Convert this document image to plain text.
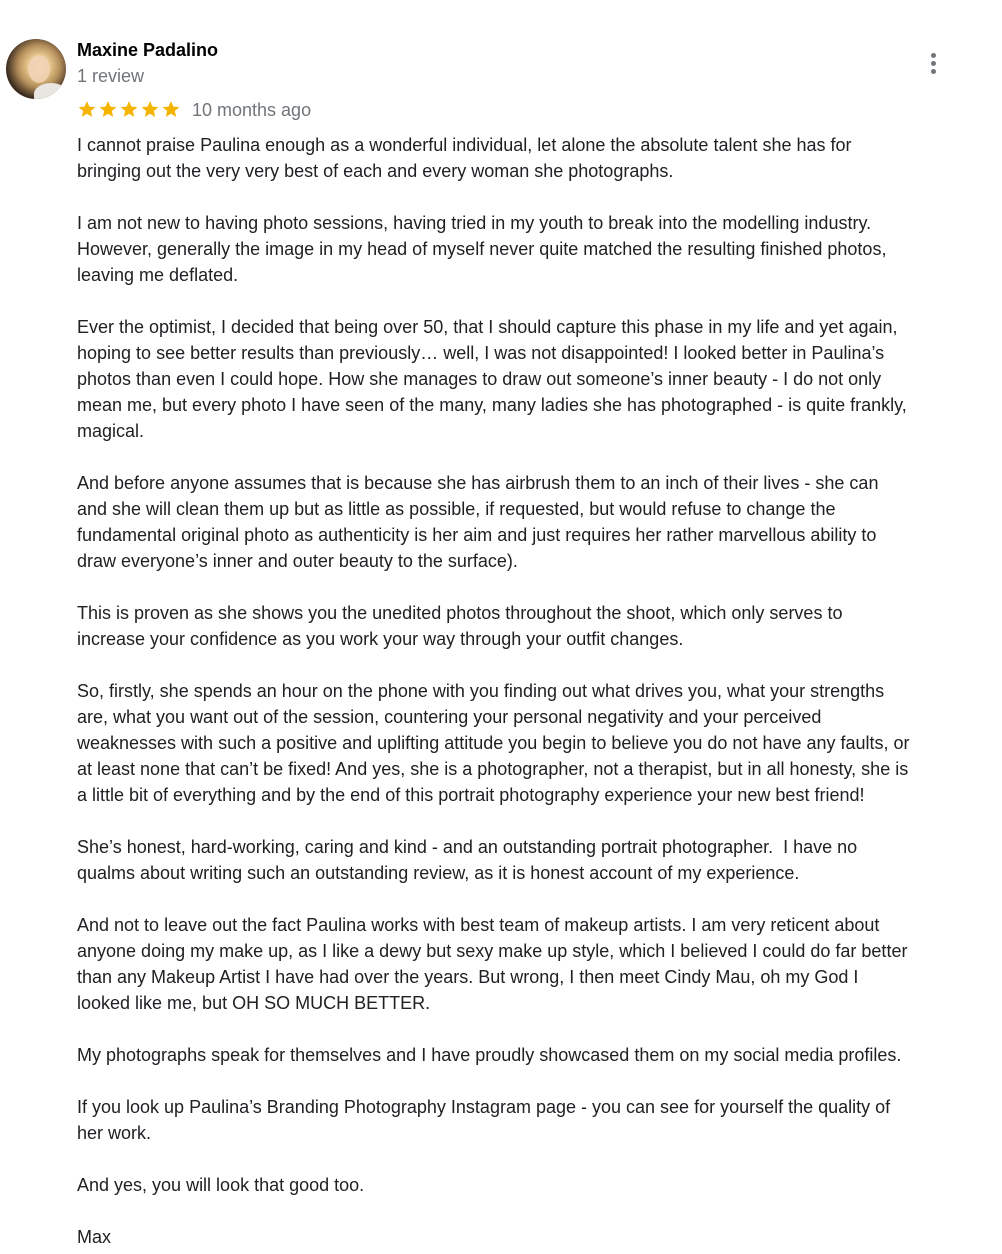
Maxine Padalino
1 review
10 months ago

I cannot praise Paulina enough as a wonderful individual, let alone the absolute talent she has for
bringing out the very very best of each and every woman she photographs.

I am not new to having photo sessions, having tried in my youth to break into the modelling industry.
However, generally the image in my head of myself never quite matched the resulting finished photos,
leaving me deflated.

Ever the optimist, I decided that being over 50, that I should capture this phase in my life and yet again,
hoping to see better results than previously… well, I was not disappointed! I looked better in Paulina’s
photos than even I could hope. How she manages to draw out someone’s inner beauty - I do not only
mean me, but every photo I have seen of the many, many ladies she has photographed - is quite frankly,
magical.

And before anyone assumes that is because she has airbrush them to an inch of their lives - she can
and she will clean them up but as little as possible, if requested, but would refuse to change the
fundamental original photo as authenticity is her aim and just requires her rather marvellous ability to
draw everyone’s inner and outer beauty to the surface).

This is proven as she shows you the unedited photos throughout the shoot, which only serves to
increase your confidence as you work your way through your outfit changes.

So, firstly, she spends an hour on the phone with you finding out what drives you, what your strengths
are, what you want out of the session, countering your personal negativity and your perceived
weaknesses with such a positive and uplifting attitude you begin to believe you do not have any faults, or
at least none that can’t be fixed! And yes, she is a photographer, not a therapist, but in all honesty, she is
a little bit of everything and by the end of this portrait photography experience your new best friend!

She’s honest, hard-working, caring and kind - and an outstanding portrait photographer.  I have no
qualms about writing such an outstanding review, as it is honest account of my experience.

And not to leave out the fact Paulina works with best team of makeup artists. I am very reticent about
anyone doing my make up, as I like a dewy but sexy make up style, which I believed I could do far better
than any Makeup Artist I have had over the years. But wrong, I then meet Cindy Mau, oh my God I
looked like me, but OH SO MUCH BETTER.

My photographs speak for themselves and I have proudly showcased them on my social media profiles.

If you look up Paulina’s Branding Photography Instagram page - you can see for yourself the quality of
her work.

And yes, you will look that good too.

Max
